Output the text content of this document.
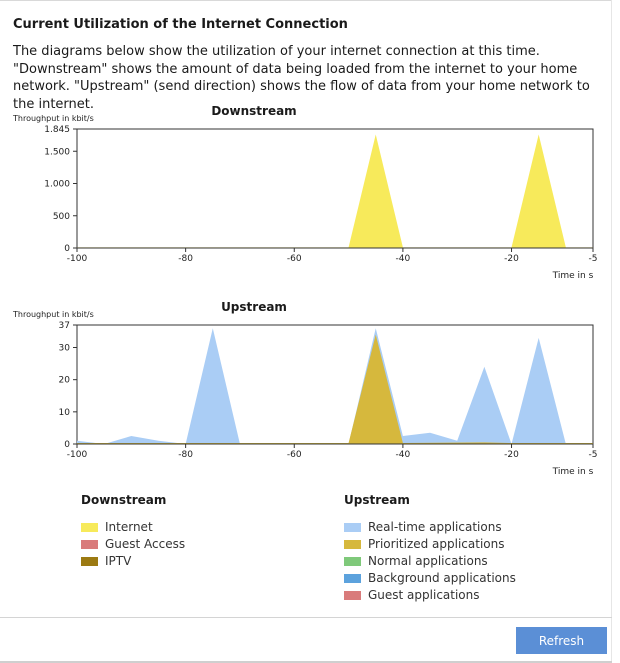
Current Utilization of the Internet Connection

The diagrams below show the utilization of your internet connection at this time. "Downstream" shows the amount of data being loaded from the internet to your home network. "Upstream" (send direction) shows the flow of data from your home network to the internet.

Throughput in kbit/s
Downstream
1.845
1.500
1.000
500
0
-100	-80	-60	-40	-20	-5
Time in s
Throughput in kbit/s
Upstream
37
30
20
10
0
-100	-80	-60	-40	-20	-5
Time in s
Downstream
Internet
Guest Access
IPTV
Upstream
Real-time applications
Prioritized applications
Normal applications
Background applications
Guest applications
Refresh
